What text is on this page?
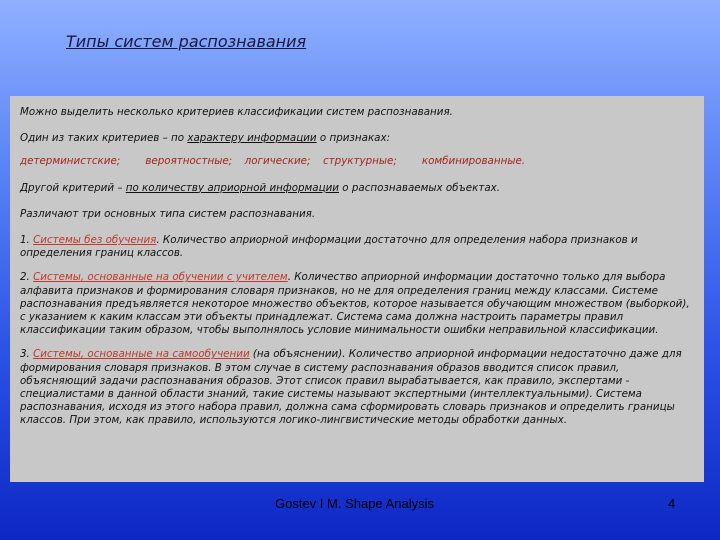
Типы систем распознавания

Можно выделить несколько критериев классификации систем распознавания.

Один из таких критериев – по характеру информации о признаках:

детерминистские;    вероятностные;  логические;  структурные;    комбинированные.

Другой критерий – по количеству априорной информации о распознаваемых объектах.

Различают три основных типа систем распознавания.

1. Системы без обучения. Количество априорной информации достаточно для определения набора признаков и определения границ классов.

2. Системы, основанные на обучении с учителем. Количество априорной информации достаточно только для выбора алфавита признаков и формирования словаря признаков, но не для определения границ между классами. Системе распознавания предъявляется некоторое множество объектов, которое называется обучающим множеством (выборкой), с указанием к каким классам эти объекты принадлежат. Система сама должна настроить параметры правил классификации таким образом, чтобы выполнялось условие минимальности ошибки неправильной классификации.

3. Системы, основанные на самообучении (на объяснении). Количество априорной информации недостаточно даже для формирования словаря признаков. В этом случае в систему распознавания образов вводится список правил, объясняющий задачи распознавания образов. Этот список правил вырабатывается, как правило, экспертами - специалистами в данной области знаний, такие системы называют экспертными (интеллектуальными). Система распознавания, исходя из этого набора правил, должна сама сформировать словарь признаков и определить границы классов. При этом, как правило, используются логико-лингвистические методы обработки данных.

Gostev I M. Shape Analysis	4
